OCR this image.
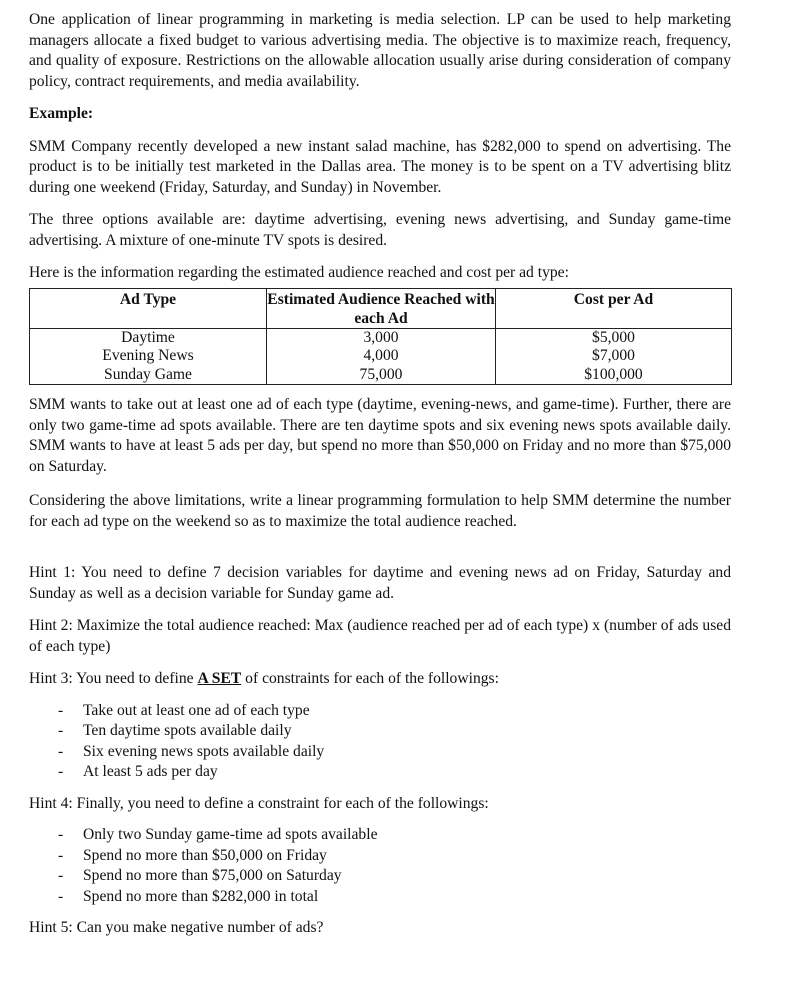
One application of linear programming in marketing is media selection. LP can be used to help marketing managers allocate a fixed budget to various advertising media. The objective is to maximize reach, frequency, and quality of exposure. Restrictions on the allowable allocation usually arise during consideration of company policy, contract requirements, and media availability.

Example:

SMM Company recently developed a new instant salad machine, has $282,000 to spend on advertising. The product is to be initially test marketed in the Dallas area. The money is to be spent on a TV advertising blitz during one weekend (Friday, Saturday, and Sunday) in November.

The three options available are: daytime advertising, evening news advertising, and Sunday game-time advertising. A mixture of one-minute TV spots is desired.

Here is the information regarding the estimated audience reached and cost per ad type:

Ad Type	Estimated Audience Reached with each Ad	Cost per Ad
Daytime	3,000	$5,000
Evening News	4,000	$7,000
Sunday Game	75,000	$100,000

SMM wants to take out at least one ad of each type (daytime, evening-news, and game-time). Further, there are only two game-time ad spots available. There are ten daytime spots and six evening news spots available daily. SMM wants to have at least 5 ads per day, but spend no more than $50,000 on Friday and no more than $75,000 on Saturday.

Considering the above limitations, write a linear programming formulation to help SMM determine the number for each ad type on the weekend so as to maximize the total audience reached.

Hint 1: You need to define 7 decision variables for daytime and evening news ad on Friday, Saturday and Sunday as well as a decision variable for Sunday game ad.

Hint 2: Maximize the total audience reached: Max (audience reached per ad of each type) x (number of ads used of each type)

Hint 3: You need to define A SET of constraints for each of the followings:

- Take out at least one ad of each type
- Ten daytime spots available daily
- Six evening news spots available daily
- At least 5 ads per day

Hint 4: Finally, you need to define a constraint for each of the followings:

- Only two Sunday game-time ad spots available
- Spend no more than $50,000 on Friday
- Spend no more than $75,000 on Saturday
- Spend no more than $282,000 in total

Hint 5: Can you make negative number of ads?
